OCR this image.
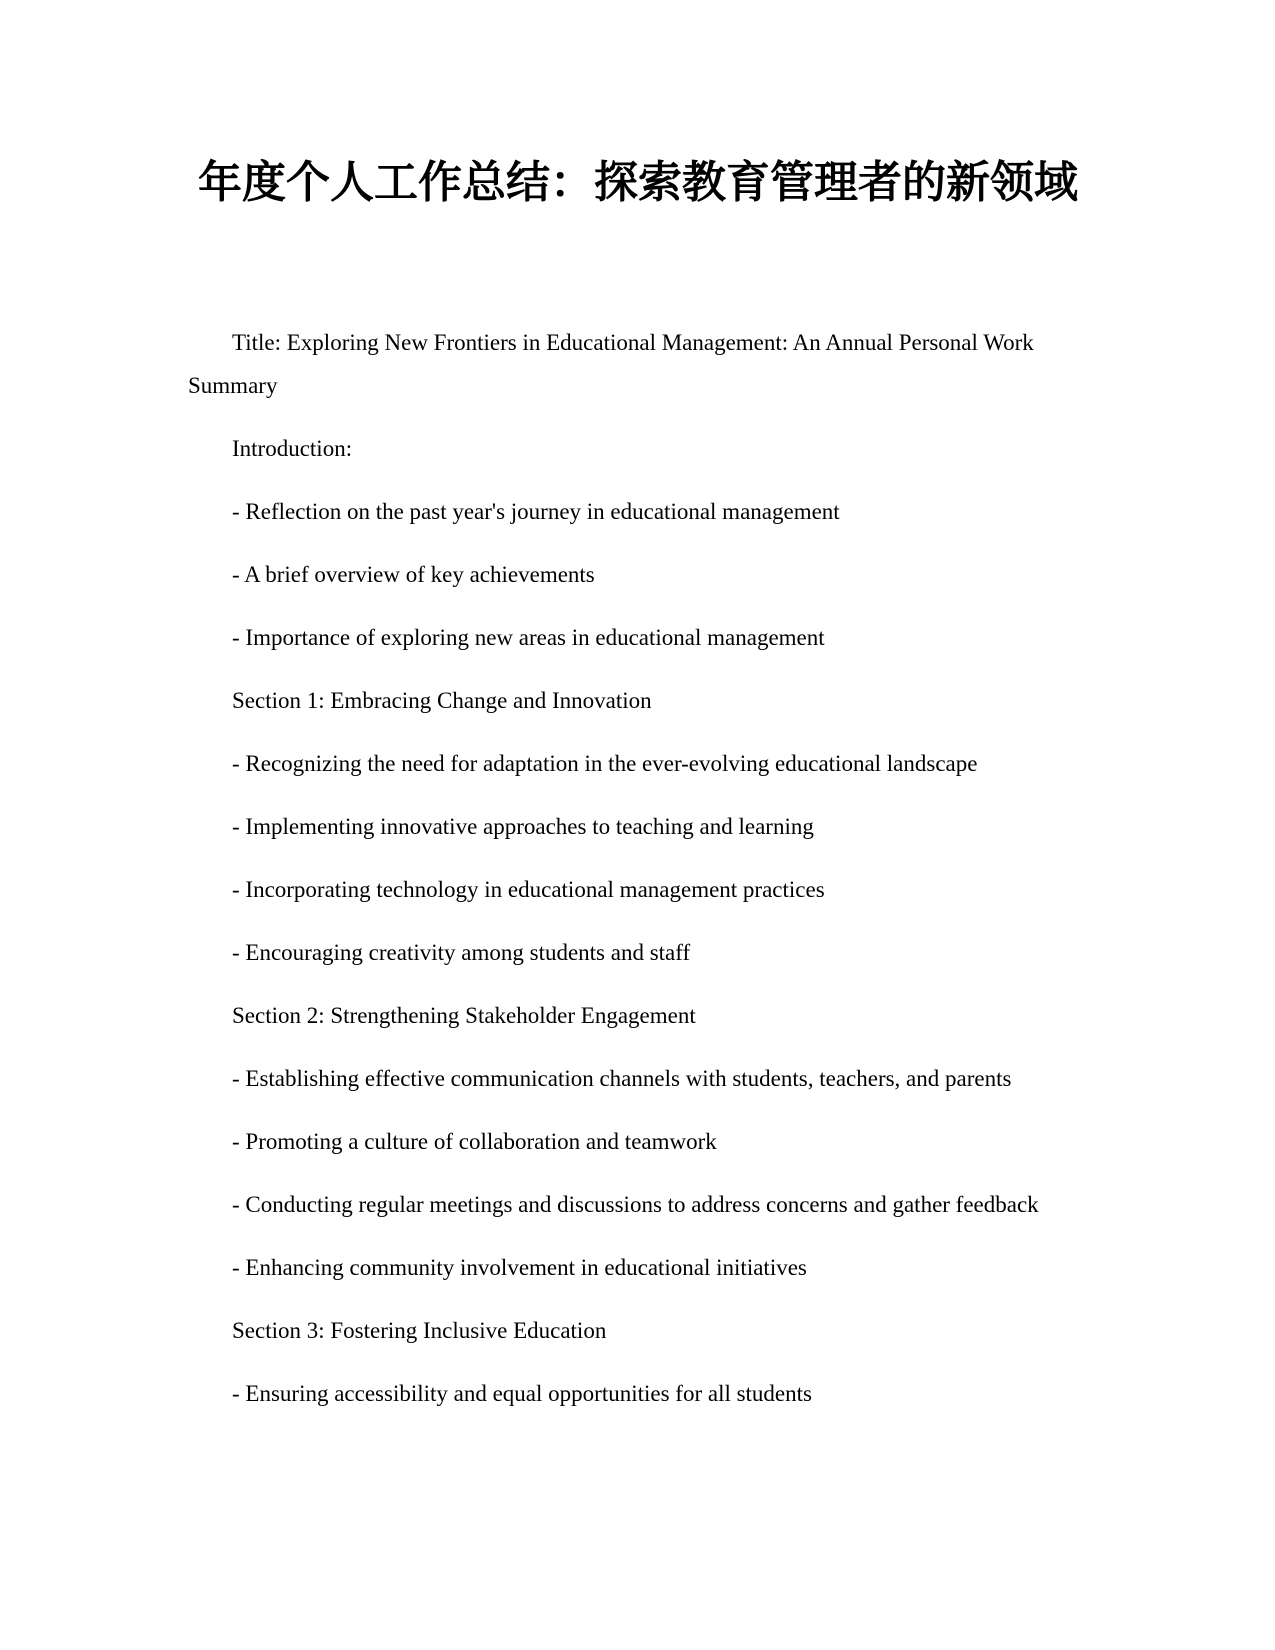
年度个人工作总结：探索教育管理者的新领域

Title: Exploring New Frontiers in Educational Management: An Annual Personal Work Summary

Introduction:

- Reflection on the past year's journey in educational management

- A brief overview of key achievements

- Importance of exploring new areas in educational management

Section 1: Embracing Change and Innovation

- Recognizing the need for adaptation in the ever-evolving educational landscape

- Implementing innovative approaches to teaching and learning

- Incorporating technology in educational management practices

- Encouraging creativity among students and staff

Section 2: Strengthening Stakeholder Engagement

- Establishing effective communication channels with students, teachers, and parents

- Promoting a culture of collaboration and teamwork

- Conducting regular meetings and discussions to address concerns and gather feedback

- Enhancing community involvement in educational initiatives

Section 3: Fostering Inclusive Education

- Ensuring accessibility and equal opportunities for all students
